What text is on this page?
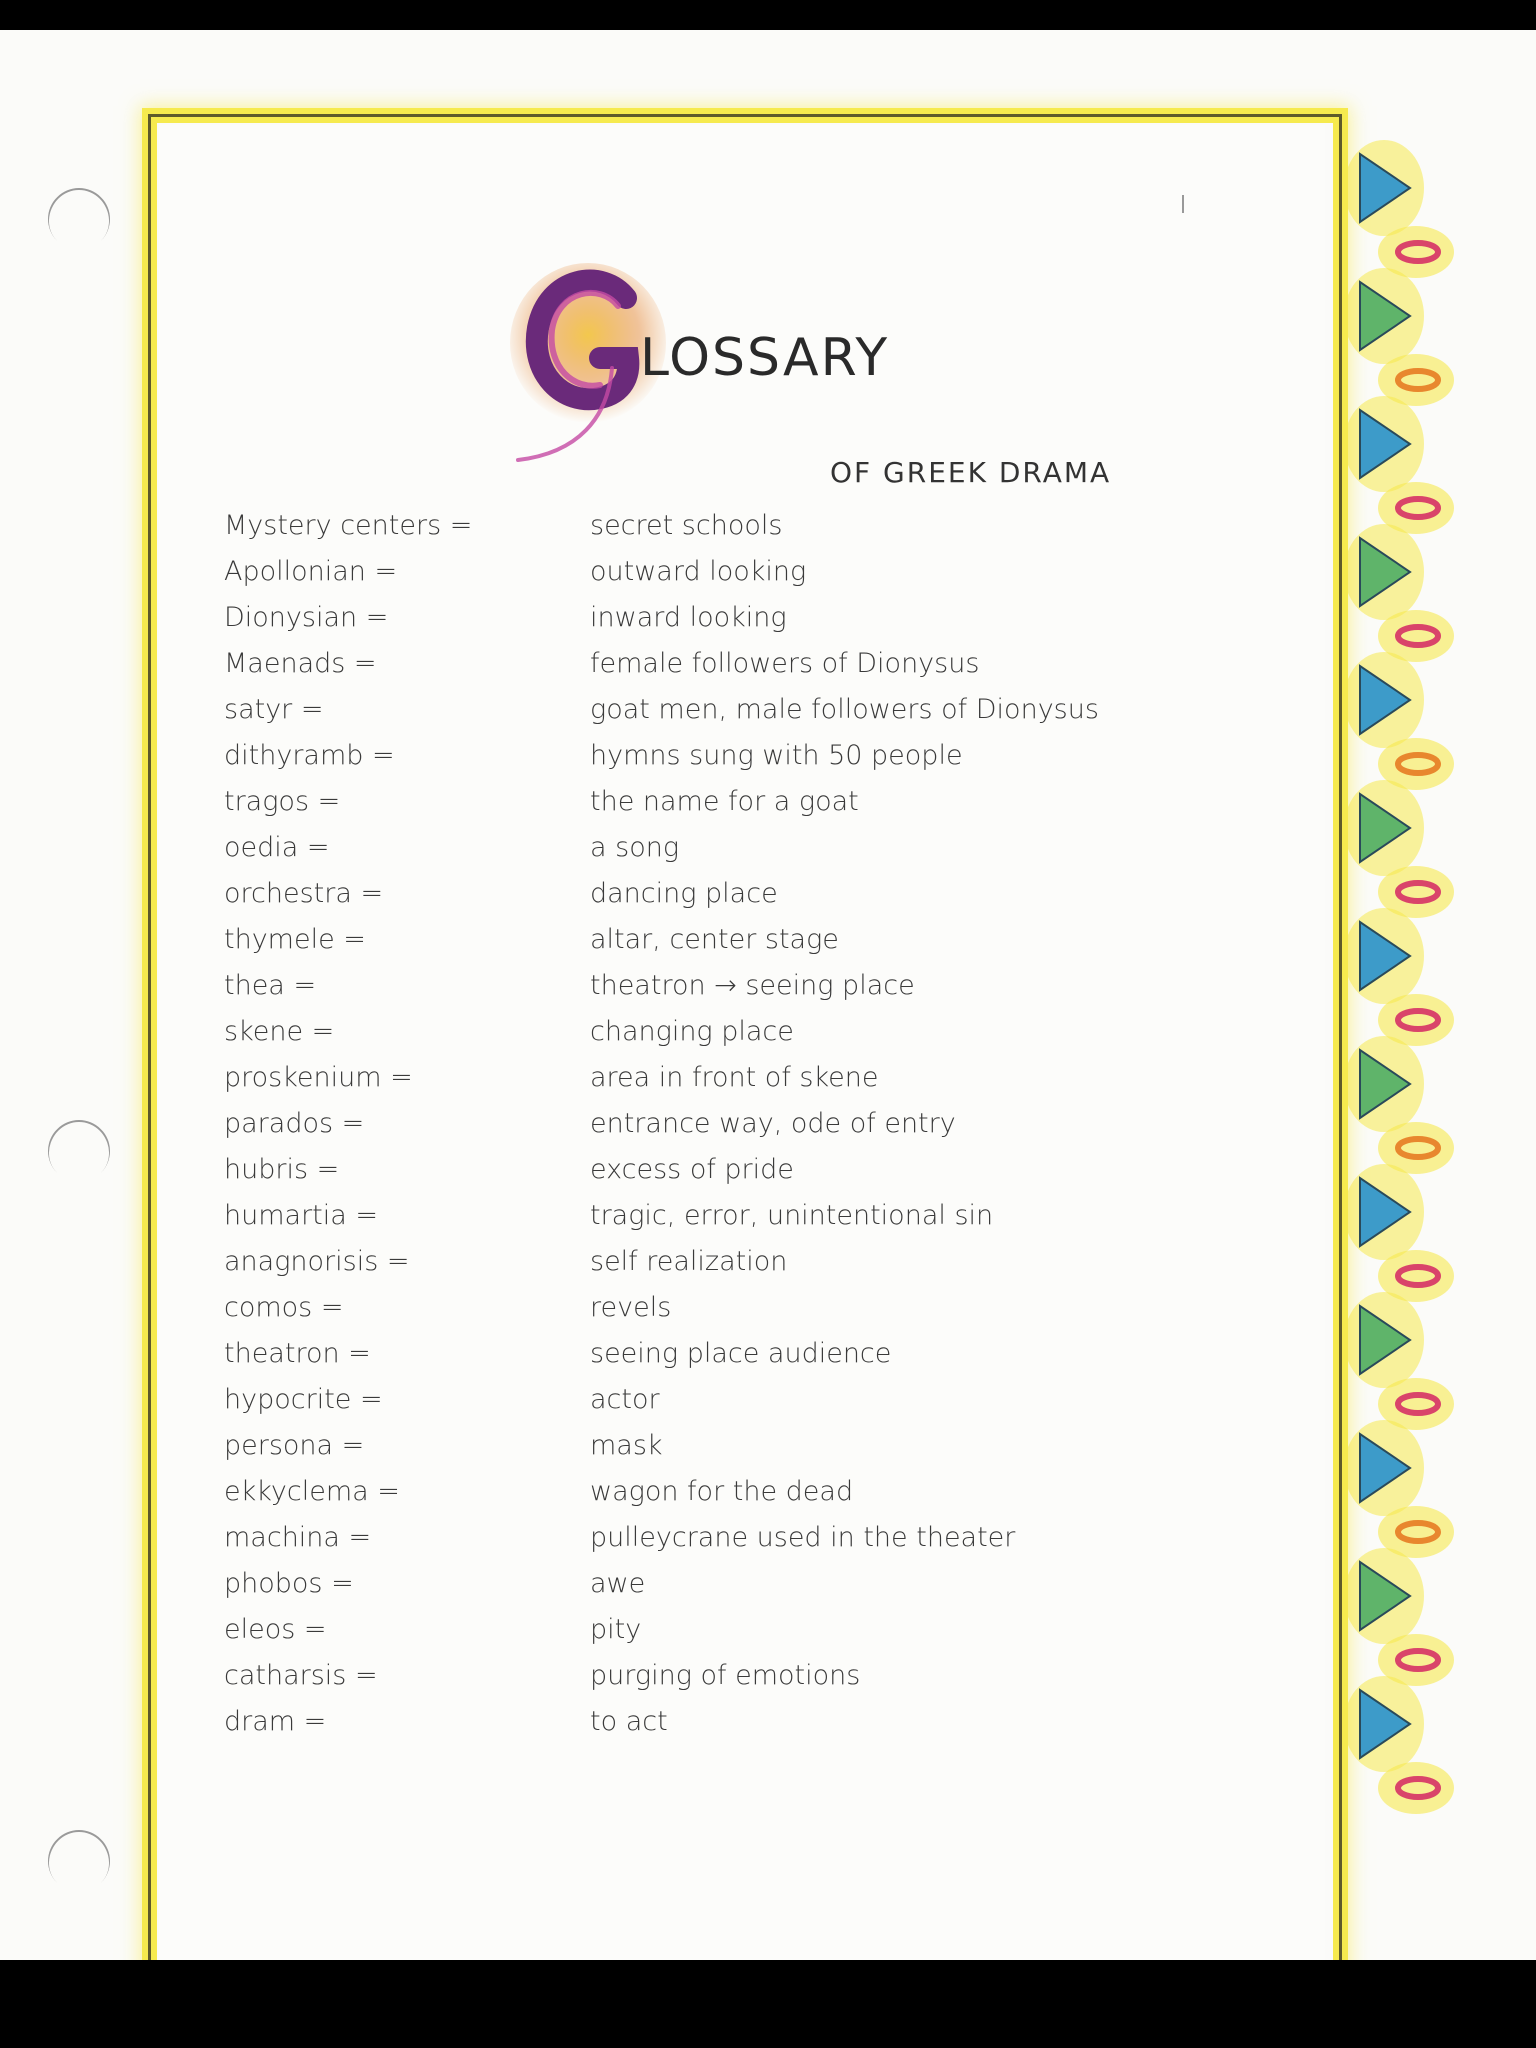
LOSSARY
OF GREEK DRAMA
Mystery centers =	secret schools
Apollonian =	outward looking
Dionysian =	inward looking
Maenads =	female followers of Dionysus
satyr =	goat men, male followers of Dionysus
dithyramb =	hymns sung with 50 people
tragos =	the name for a goat
oedia =	a song
orchestra =	dancing place
thymele =	altar, center stage
thea =	theatron → seeing place
skene =	changing place
proskenium =	area in front of skene
parados =	entrance way, ode of entry
hubris =	excess of pride
humartia =	tragic, error, unintentional sin
anagnorisis =	self realization
comos =	revels
theatron =	seeing place audience
hypocrite =	actor
persona =	mask
ekkyclema =	wagon for the dead
machina =	pulleycrane used in the theater
phobos =	awe
eleos =	pity
catharsis =	purging of emotions
dram =	to act
